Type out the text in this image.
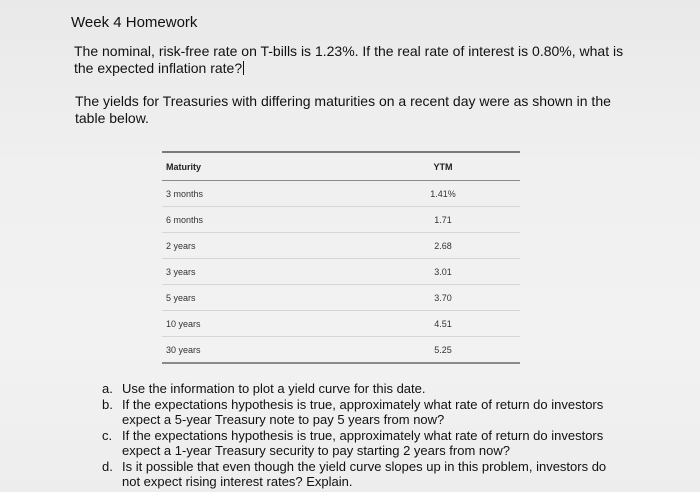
Week 4 Homework
The nominal, risk-free rate on T-bills is 1.23%. If the real rate of interest is 0.80%, what is the expected inflation rate?
The yields for Treasuries with differing maturities on a recent day were as shown in the table below.
Maturity	YTM
3 months	1.41%
6 months	1.71
2 years	2.68
3 years	3.01
5 years	3.70
10 years	4.51
30 years	5.25
a. Use the information to plot a yield curve for this date.
b. If the expectations hypothesis is true, approximately what rate of return do investors expect a 5-year Treasury note to pay 5 years from now?
c. If the expectations hypothesis is true, approximately what rate of return do investors expect a 1-year Treasury security to pay starting 2 years from now?
d. Is it possible that even though the yield curve slopes up in this problem, investors do not expect rising interest rates? Explain.
